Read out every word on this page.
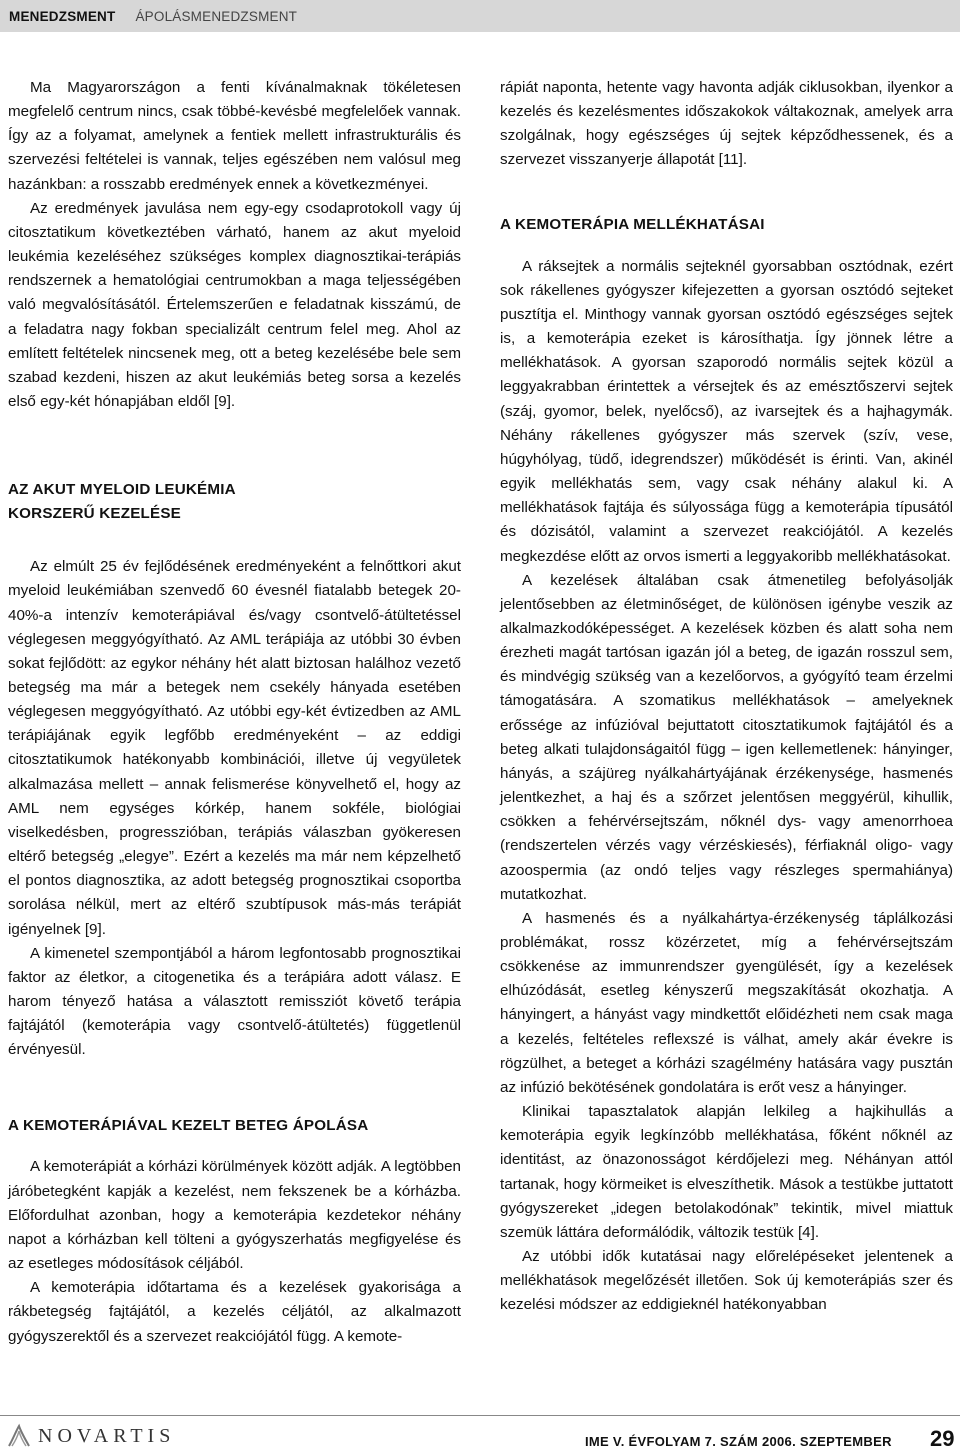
MENEDZSMENT ÁPOLÁSMENEDZSMENT

Ma Magyarországon a fenti kívánalmaknak tökéletesen megfelelő centrum nincs, csak többé-kevésbé megfelelőek vannak. Így az a folyamat, amelynek a fentiek mellett infrastrukturális és szervezési feltételei is vannak, teljes egészében nem valósul meg hazánkban: a rosszabb eredmények ennek a következményei.

Az eredmények javulása nem egy-egy csodaprotokoll vagy új citosztatikum következtében várható, hanem az akut myeloid leukémia kezeléséhez szükséges komplex diagnosztikai-terápiás rendszernek a hematológiai centrumokban a maga teljességében való megvalósításától. Értelemszerűen e feladatnak kisszámú, de a feladatra nagy fokban specializált centrum felel meg. Ahol az említett feltételek nincsenek meg, ott a beteg kezelésébe bele sem szabad kezdeni, hiszen az akut leukémiás beteg sorsa a kezelés első egy-két hónapjában eldől [9].

AZ AKUT MYELOID LEUKÉMIA
KORSZERŰ KEZELÉSE

Az elmúlt 25 év fejlődésének eredményeként a felnőttkori akut myeloid leukémiában szenvedő 60 évesnél fiatalabb betegek 20-40%-a intenzív kemoterápiával és/vagy csontvelő-átültetéssel véglegesen meggyógyítható. Az AML terápiája az utóbbi 30 évben sokat fejlődött: az egykor néhány hét alatt biztosan halálhoz vezető betegség ma már a betegek nem csekély hányada esetében véglegesen meggyógyítható. Az utóbbi egy-két évtizedben az AML terápiájának egyik legfőbb eredményeként – az eddigi citosztatikumok hatékonyabb kombinációi, illetve új vegyületek alkalmazása mellett – annak felismerése könyvelhető el, hogy az AML nem egységes kórkép, hanem sokféle, biológiai viselkedésben, progresszióban, terápiás válaszban gyökeresen eltérő betegség „elegye”. Ezért a kezelés ma már nem képzelhető el pontos diagnosztika, az adott betegség prognosztikai csoportba sorolása nélkül, mert az eltérő szubtípusok más-más terápiát igényelnek [9].

A kimenetel szempontjából a három legfontosabb prognosztikai faktor az életkor, a citogenetika és a terápiára adott válasz. E harom tényező hatása a választott remissziót követő terápia fajtájától (kemoterápia vagy csontvelő-átültetés) függetlenül érvényesül.

A KEMOTERÁPIÁVAL KEZELT BETEG ÁPOLÁSA

A kemoterápiát a kórházi körülmények között adják. A legtöbben járóbetegként kapják a kezelést, nem fekszenek be a kórházba. Előfordulhat azonban, hogy a kemoterápia kezdetekor néhány napot a kórházban kell tölteni a gyógyszerhatás megfigyelése és az esetleges módosítások céljából.

A kemoterápia időtartama és a kezelések gyakorisága a rákbetegség fajtájától, a kezelés céljától, az alkalmazott gyógyszerektől és a szervezet reakciójától függ. A kemote-

rápiát naponta, hetente vagy havonta adják ciklusokban, ilyenkor a kezelés és kezelésmentes időszakokok váltakoznak, amelyek arra szolgálnak, hogy egészséges új sejtek képződhessenek, és a szervezet visszanyerje állapotát [11].

A KEMOTERÁPIA MELLÉKHATÁSAI

A ráksejtek a normális sejteknél gyorsabban osztódnak, ezért sok rákellenes gyógyszer kifejezetten a gyorsan osztódó sejteket pusztítja el. Minthogy vannak gyorsan osztódó egészséges sejtek is, a kemoterápia ezeket is károsíthatja. Így jönnek létre a mellékhatások. A gyorsan szaporodó normális sejtek közül a leggyakrabban érintettek a vérsejtek és az emésztőszervi sejtek (száj, gyomor, belek, nyelőcső), az ivarsejtek és a hajhagymák. Néhány rákellenes gyógyszer más szervek (szív, vese, húgyhólyag, tüdő, idegrendszer) működését is érinti. Van, akinél egyik mellékhatás sem, vagy csak néhány alakul ki. A mellékhatások fajtája és súlyossága függ a kemoterápia típusától és dózisától, valamint a szervezet reakciójától. A kezelés megkezdése előtt az orvos ismerti a leggyakoribb mellékhatásokat.

A kezelések általában csak átmenetileg befolyásolják jelentősebben az életminőséget, de különösen igénybe veszik az alkalmazkodóképességet. A kezelések közben és alatt soha nem érezheti magát tartósan igazán jól a beteg, de igazán rosszul sem, és mindvégig szükség van a kezelőorvos, a gyógyító team érzelmi támogatására. A szomatikus mellékhatások – amelyeknek erőssége az infúzióval bejuttatott citosztatikumok fajtájától és a beteg alkati tulajdonságaitól függ – igen kellemetlenek: hányinger, hányás, a szájüreg nyálkahártyájának érzékenysége, hasmenés jelentkezhet, a haj és a szőrzet jelentősen meggyérül, kihullik, csökken a fehérvérsejtszám, nőknél dys- vagy amenorrhoea (rendszertelen vérzés vagy vérzéskiesés), férfiaknál oligo- vagy azoospermia (az ondó teljes vagy részleges spermahiánya) mutatkozhat.

A hasmenés és a nyálkahártya-érzékenység táplálkozási problémákat, rossz közérzetet, míg a fehérvérsejtszám csökkenése az immunrendszer gyengülését, így a kezelések elhúzódását, esetleg kényszerű megszakítását okozhatja. A hányingert, a hányást vagy mindkettőt előidézheti nem csak maga a kezelés, feltételes reflexszé is válhat, amely akár évekre is rögzülhet, a beteget a kórházi szagélmény hatására vagy pusztán az infúzió bekötésének gondolatára is erőt vesz a hányinger.

Klinikai tapasztalatok alapján lelkileg a hajkihullás a kemoterápia egyik legkínzóbb mellékhatása, főként nőknél az identitást, az önazonosságot kérdőjelezi meg. Néhányan attól tartanak, hogy körmeiket is elveszíthetik. Mások a testükbe juttatott gyógyszereket „idegen betolakodónak” tekintik, mivel miattuk szemük láttára deformálódik, változik testük [4].

Az utóbbi idők kutatásai nagy előrelépéseket jelentenek a mellékhatások megelőzését illetően. Sok új kemoterápiás szer és kezelési módszer az eddigieknél hatékonyabban

NOVARTIS	IME V. ÉVFOLYAM 7. SZÁM 2006. SZEPTEMBER 29
